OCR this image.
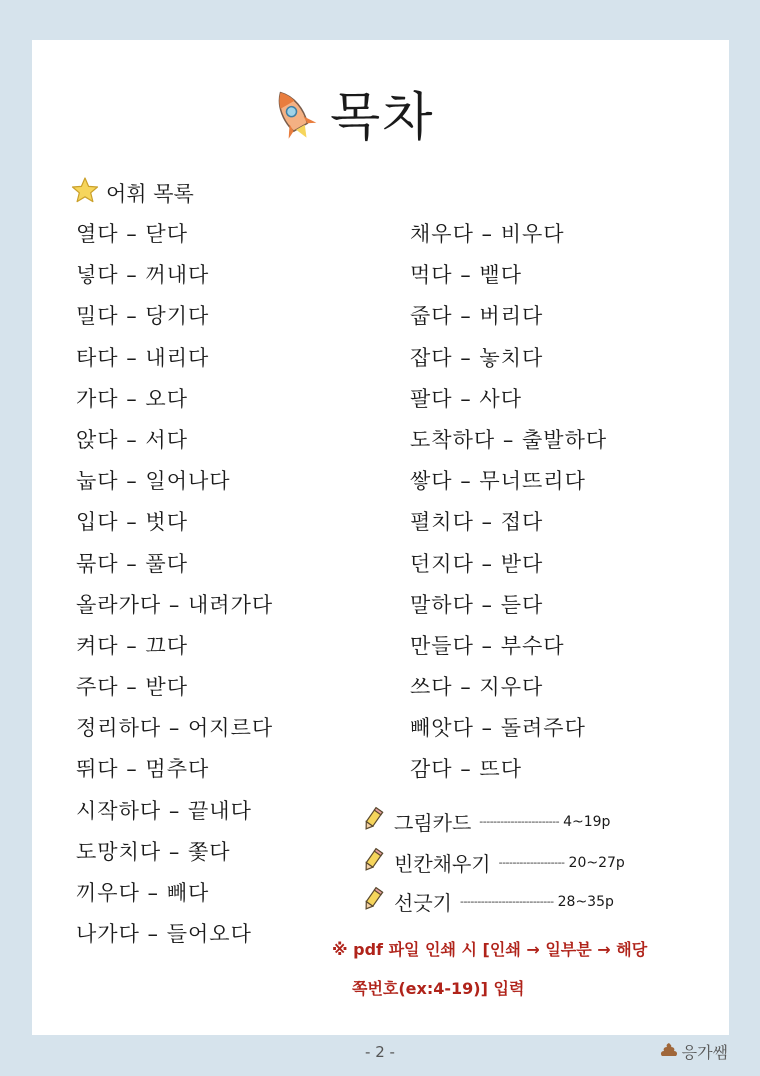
목차
어휘 목록
열다 – 닫다
넣다 – 꺼내다
밀다 – 당기다
타다 – 내리다
가다 – 오다
앉다 – 서다
눕다 – 일어나다
입다 – 벗다
묶다 – 풀다
올라가다 – 내려가다
켜다 – 끄다
주다 – 받다
정리하다 – 어지르다
뛰다 – 멈추다
시작하다 – 끝내다
도망치다 – 쫓다
끼우다 – 빼다
나가다 – 들어오다
채우다 – 비우다
먹다 – 뱉다
줍다 – 버리다
잡다 – 놓치다
팔다 – 사다
도착하다 – 출발하다
쌓다 – 무너뜨리다
펼치다 – 접다
던지다 – 받다
말하다 – 듣다
만들다 – 부수다
쓰다 – 지우다
빼앗다 – 돌려주다
감다 – 뜨다
그림카드 ----------------------- 4~19p
빈칸채우기 ------------------- 20~27p
선긋기 --------------------------- 28~35p
※ pdf 파일 인쇄 시 [인쇄 → 일부분 → 해당
쪽번호(ex:4-19)] 입력
- 2 -	응가쌤
